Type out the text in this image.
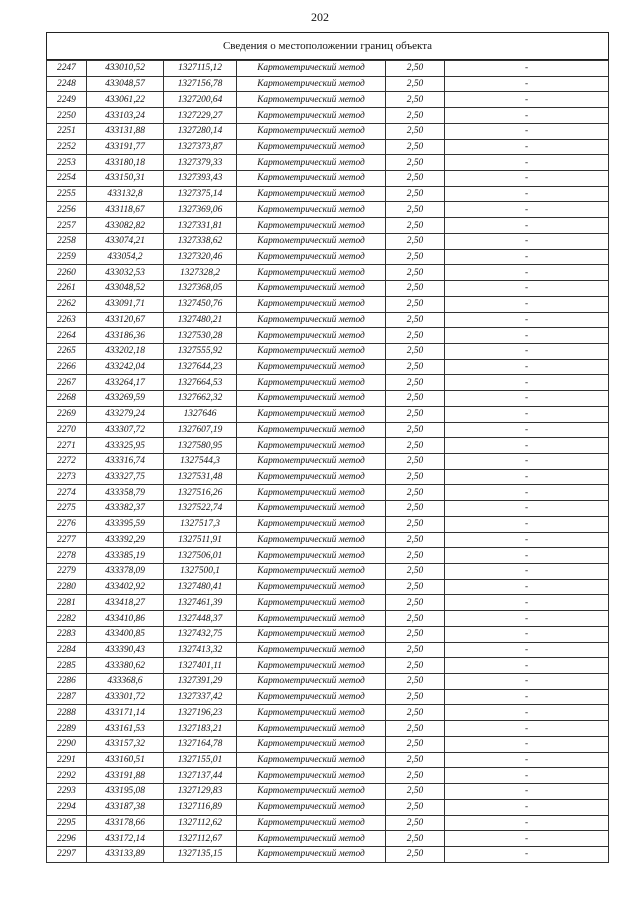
202
Сведения о местоположении границ объекта
2247	433010,52	1327115,12	Картометрический метод	2,50	-
2248	433048,57	1327156,78	Картометрический метод	2,50	-
2249	433061,22	1327200,64	Картометрический метод	2,50	-
2250	433103,24	1327229,27	Картометрический метод	2,50	-
2251	433131,88	1327280,14	Картометрический метод	2,50	-
2252	433191,77	1327373,87	Картометрический метод	2,50	-
2253	433180,18	1327379,33	Картометрический метод	2,50	-
2254	433150,31	1327393,43	Картометрический метод	2,50	-
2255	433132,8	1327375,14	Картометрический метод	2,50	-
2256	433118,67	1327369,06	Картометрический метод	2,50	-
2257	433082,82	1327331,81	Картометрический метод	2,50	-
2258	433074,21	1327338,62	Картометрический метод	2,50	-
2259	433054,2	1327320,46	Картометрический метод	2,50	-
2260	433032,53	1327328,2	Картометрический метод	2,50	-
2261	433048,52	1327368,05	Картометрический метод	2,50	-
2262	433091,71	1327450,76	Картометрический метод	2,50	-
2263	433120,67	1327480,21	Картометрический метод	2,50	-
2264	433186,36	1327530,28	Картометрический метод	2,50	-
2265	433202,18	1327555,92	Картометрический метод	2,50	-
2266	433242,04	1327644,23	Картометрический метод	2,50	-
2267	433264,17	1327664,53	Картометрический метод	2,50	-
2268	433269,59	1327662,32	Картометрический метод	2,50	-
2269	433279,24	1327646	Картометрический метод	2,50	-
2270	433307,72	1327607,19	Картометрический метод	2,50	-
2271	433325,95	1327580,95	Картометрический метод	2,50	-
2272	433316,74	1327544,3	Картометрический метод	2,50	-
2273	433327,75	1327531,48	Картометрический метод	2,50	-
2274	433358,79	1327516,26	Картометрический метод	2,50	-
2275	433382,37	1327522,74	Картометрический метод	2,50	-
2276	433395,59	1327517,3	Картометрический метод	2,50	-
2277	433392,29	1327511,91	Картометрический метод	2,50	-
2278	433385,19	1327506,01	Картометрический метод	2,50	-
2279	433378,09	1327500,1	Картометрический метод	2,50	-
2280	433402,92	1327480,41	Картометрический метод	2,50	-
2281	433418,27	1327461,39	Картометрический метод	2,50	-
2282	433410,86	1327448,37	Картометрический метод	2,50	-
2283	433400,85	1327432,75	Картометрический метод	2,50	-
2284	433390,43	1327413,32	Картометрический метод	2,50	-
2285	433380,62	1327401,11	Картометрический метод	2,50	-
2286	433368,6	1327391,29	Картометрический метод	2,50	-
2287	433301,72	1327337,42	Картометрический метод	2,50	-
2288	433171,14	1327196,23	Картометрический метод	2,50	-
2289	433161,53	1327183,21	Картометрический метод	2,50	-
2290	433157,32	1327164,78	Картометрический метод	2,50	-
2291	433160,51	1327155,01	Картометрический метод	2,50	-
2292	433191,88	1327137,44	Картометрический метод	2,50	-
2293	433195,08	1327129,83	Картометрический метод	2,50	-
2294	433187,38	1327116,89	Картометрический метод	2,50	-
2295	433178,66	1327112,62	Картометрический метод	2,50	-
2296	433172,14	1327112,67	Картометрический метод	2,50	-
2297	433133,89	1327135,15	Картометрический метод	2,50	-
